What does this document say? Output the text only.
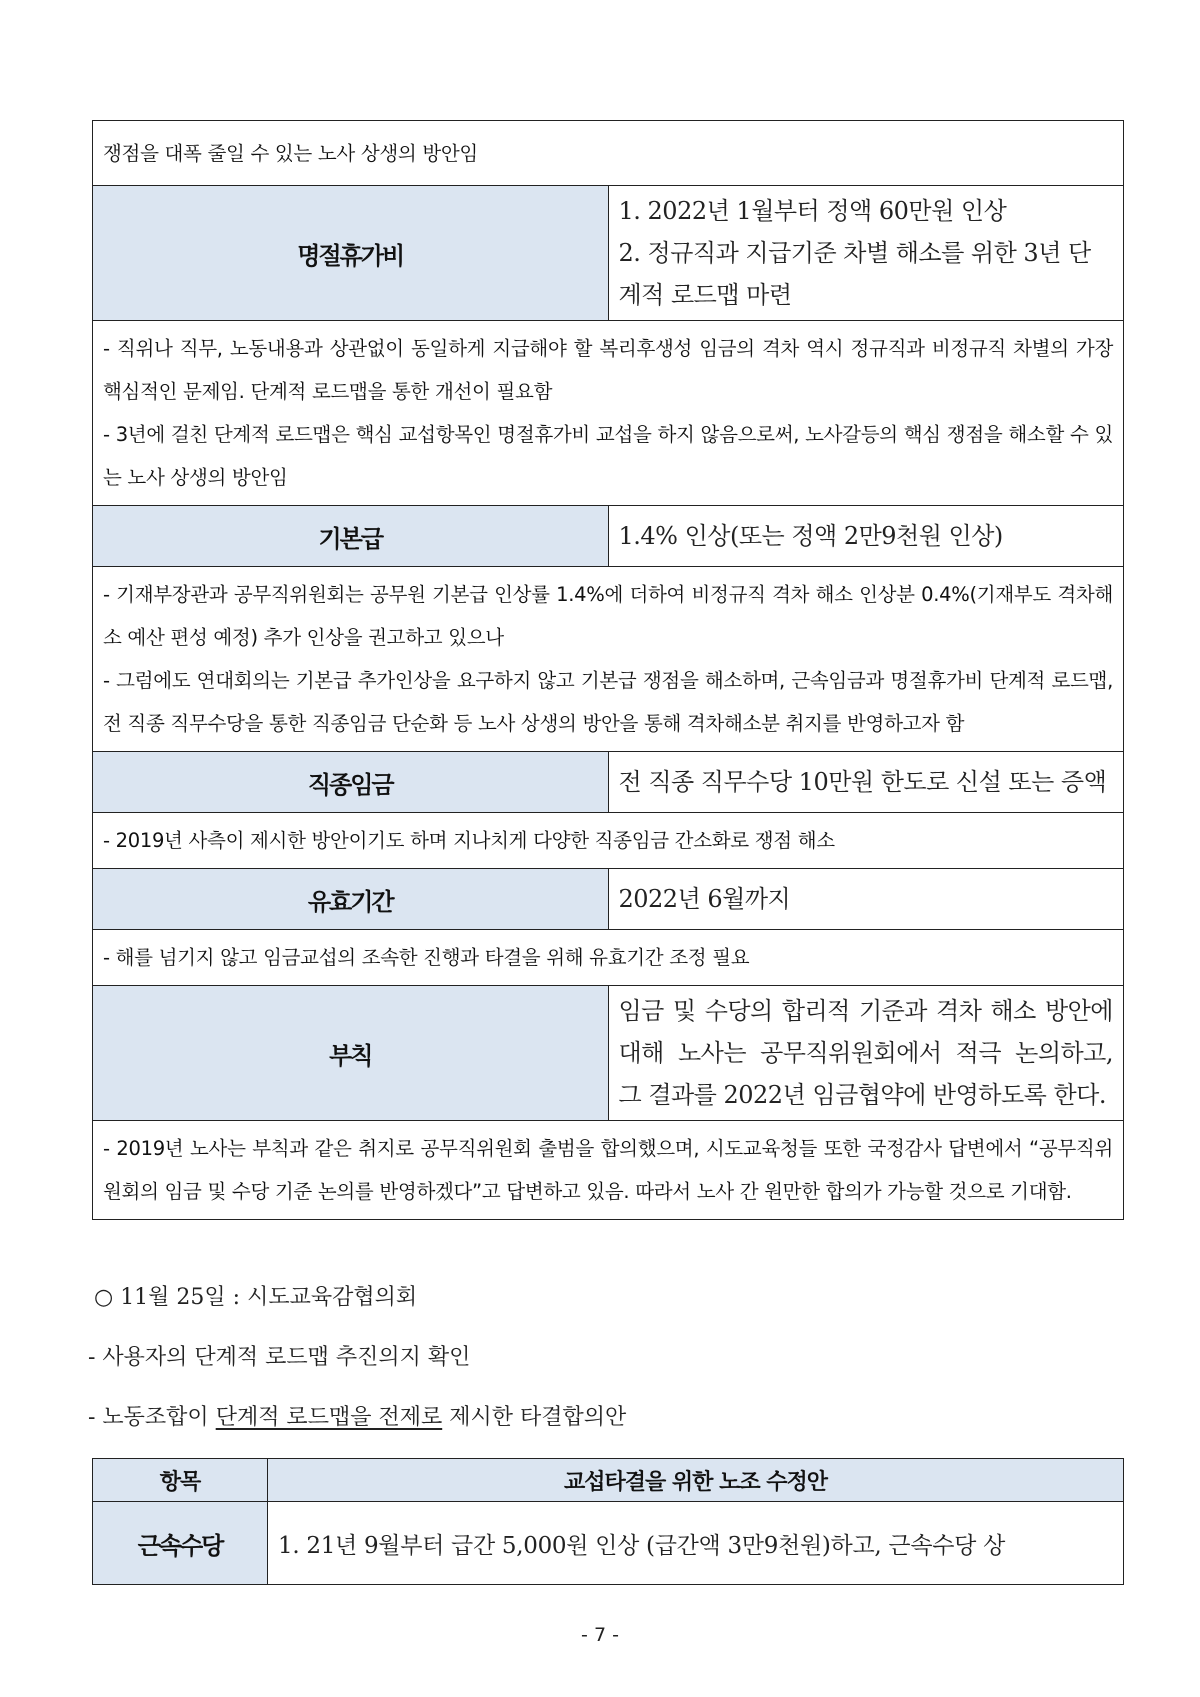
쟁점을 대폭 줄일 수 있는 노사 상생의 방안임	
명절휴가비	1. 2022년 1월부터 정액 60만원 인상

2. 정규직과 지급기준 차별 해소를 위한 3년 단계적 로드맵 마련

- 직위나 직무, 노동내용과 상관없이 동일하게 지급해야 할 복리후생성 임금의 격차 역시 정규직과 비정규직 차별의 가장 핵심적인 문제임. 단계적 로드맵을 통한 개선이 필요함

- 3년에 걸친 단계적 로드맵은 핵심 교섭항목인 명절휴가비 교섭을 하지 않음으로써, 노사갈등의 핵심 쟁점을 해소할 수 있는 노사 상생의 방안임	

기본급	1.4% 인상(또는 정액 2만9천원 인상)

- 기재부장관과 공무직위원회는 공무원 기본급 인상률 1.4%에 더하여 비정규직 격차 해소 인상분 0.4%(기재부도 격차해소 예산 편성 예정) 추가 인상을 권고하고 있으나

- 그럼에도 연대회의는 기본급 추가인상을 요구하지 않고 기본급 쟁점을 해소하며, 근속임금과 명절휴가비 단계적 로드맵, 전 직종 직무수당을 통한 직종임금 단순화 등 노사 상생의 방안을 통해 격차해소분 취지를 반영하고자 함	

직종임금	전 직종 직무수당 10만원 한도로 신설 또는 증액

- 2019년 사측이 제시한 방안이기도 하며 지나치게 다양한 직종임금 간소화로 쟁점 해소	

유효기간	2022년 6월까지

- 해를 넘기지 않고 임금교섭의 조속한 진행과 타결을 위해 유효기간 조정 필요	

부칙	임금 및 수당의 합리적 기준과 격차 해소 방안에 대해 노사는 공무직위원회에서 적극 논의하고, 그 결과를 2022년 임금협약에 반영하도록 한다.

- 2019년 노사는 부칙과 같은 취지로 공무직위원회 출범을 합의했으며, 시도교육청들 또한 국정감사 답변에서 “공무직위원회의 임금 및 수당 기준 논의를 반영하겠다”고 답변하고 있음. 따라서 노사 간 원만한 합의가 가능할 것으로 기대함.	

○ 11월 25일 : 시도교육감협의회
- 사용자의 단계적 로드맵 추진의지 확인
- 노동조합이 단계적 로드맵을 전제로 제시한 타결합의안
항목	교섭타결을 위한 노조 수정안
근속수당	1. 21년 9월부터 급간 5,000원 인상 (급간액 3만9천원)하고, 근속수당 상
- 7 -
